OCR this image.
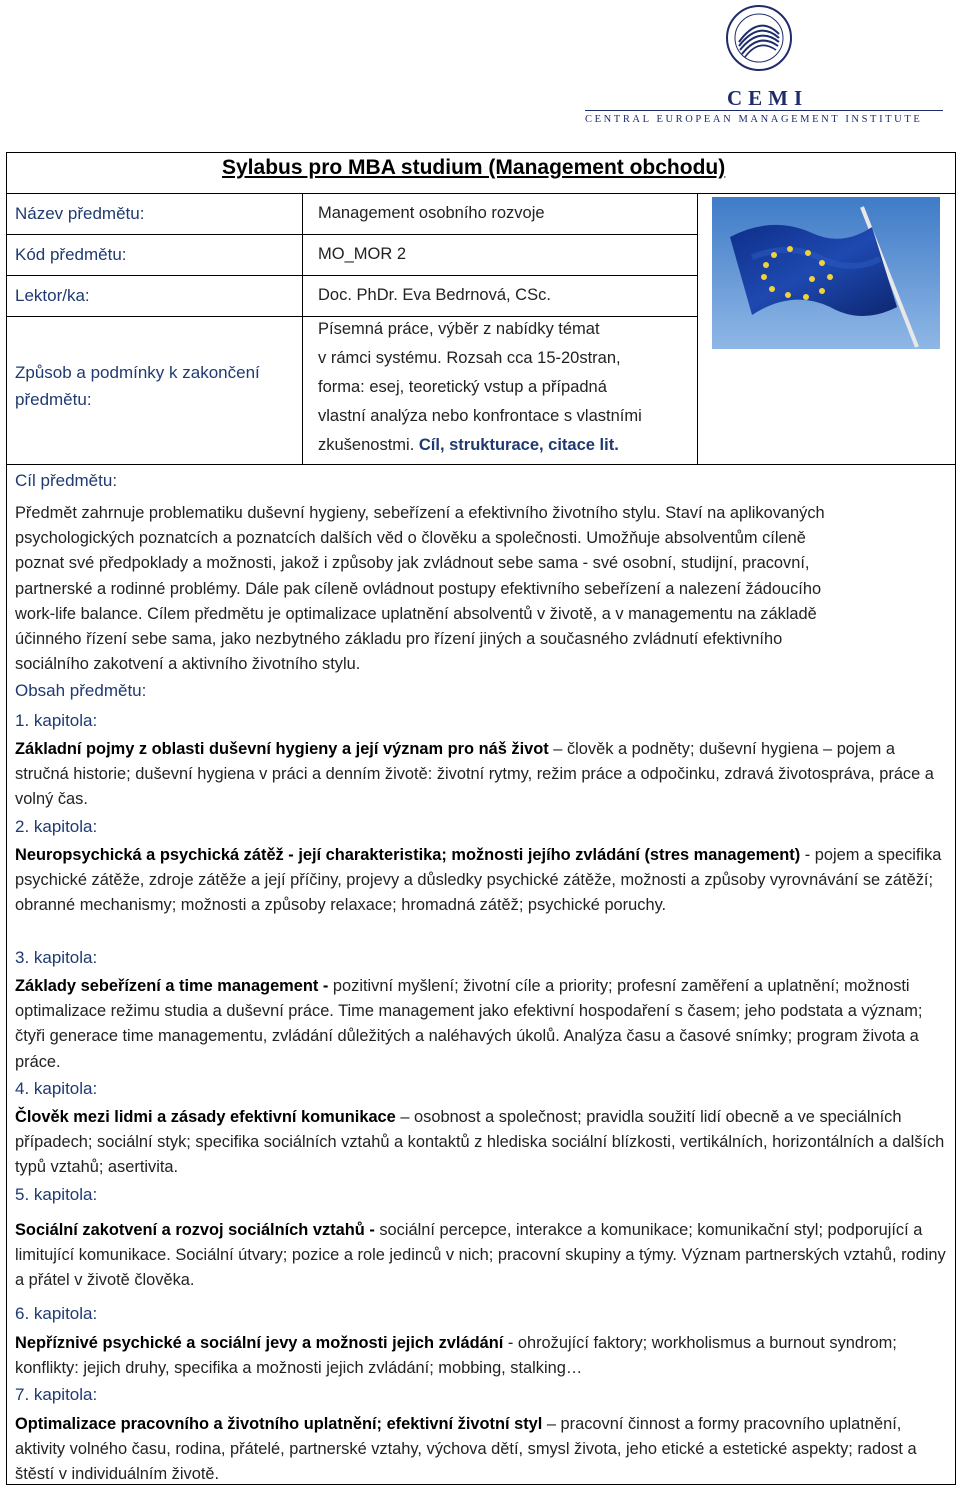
CEMI
CENTRAL EUROPEAN MANAGEMENT INSTITUTE
Sylabus pro MBA studium (Management obchodu)
Název předmětu:	Management osobního rozvoje
Kód předmětu:	MO_MOR 2
Lektor/ka:	Doc. PhDr. Eva Bedrnová, CSc.
Způsob a podmínky k zakončení
předmětu:
Písemná práce, výběr z nabídky témat
v rámci systému. Rozsah cca 15-20stran,
forma: esej, teoretický vstup a případná
vlastní analýza nebo konfrontace s vlastními
zkušenostmi. Cíl, strukturace, citace lit.
Cíl předmětu:
Předmět zahrnuje problematiku duševní hygieny, sebeřízení a efektivního životního stylu. Staví na aplikovaných
psychologických poznatcích a poznatcích dalších věd o člověku a společnosti. Umožňuje absolventům cíleně
poznat své předpoklady a možnosti, jakož i způsoby jak zvládnout sebe sama - své osobní, studijní, pracovní,
partnerské a rodinné problémy. Dále pak cíleně ovládnout postupy efektivního sebeřízení a nalezení žádoucího
work-life balance. Cílem předmětu je optimalizace uplatnění absolventů v životě, a v managementu na základě
účinného řízení sebe sama, jako nezbytného základu pro řízení jiných a současného zvládnutí efektivního
sociálního zakotvení a aktivního životního stylu.
Obsah předmětu:
1. kapitola:
Základní pojmy z oblasti duševní hygieny a její význam pro náš život – člověk a podněty; duševní hygiena – pojem a stručná historie; duševní hygiena v práci a denním životě: životní rytmy, režim práce a odpočinku, zdravá životospráva, práce a volný čas.
2. kapitola:
Neuropsychická a psychická zátěž - její charakteristika; možnosti jejího zvládání (stres management) - pojem a specifika psychické zátěže, zdroje zátěže a její příčiny, projevy a důsledky psychické zátěže, možnosti a způsoby vyrovnávání se zátěží; obranné mechanismy; možnosti a způsoby relaxace; hromadná zátěž; psychické poruchy.
3. kapitola:
Základy sebeřízení a time management - pozitivní myšlení; životní cíle a priority; profesní zaměření a uplatnění; možnosti optimalizace režimu studia a duševní práce. Time management jako efektivní hospodaření s časem; jeho podstata a význam; čtyři generace time managementu, zvládání důležitých a naléhavých úkolů. Analýza času a časové snímky; program života a práce.
4. kapitola:
Člověk mezi lidmi a zásady efektivní komunikace – osobnost a společnost; pravidla soužití lidí obecně a ve speciálních případech; sociální styk; specifika sociálních vztahů a kontaktů z hlediska sociální blízkosti, vertikálních, horizontálních a dalších typů vztahů; asertivita.
5. kapitola:
Sociální zakotvení a rozvoj sociálních vztahů - sociální percepce, interakce a komunikace; komunikační styl; podporující a limitující komunikace. Sociální útvary; pozice a role jedinců v nich; pracovní skupiny a týmy. Význam partnerských vztahů, rodiny a přátel v životě člověka.
6. kapitola:
Nepříznivé psychické a sociální jevy a možnosti jejich zvládání - ohrožující faktory; workholismus a burnout syndrom; konflikty: jejich druhy, specifika a možnosti jejich zvládání; mobbing, stalking…
7. kapitola:
Optimalizace pracovního a životního uplatnění; efektivní životní styl – pracovní činnost a formy pracovního uplatnění, aktivity volného času, rodina, přátelé, partnerské vztahy, výchova dětí, smysl života, jeho etické a estetické aspekty; radost a štěstí v individuálním životě.
